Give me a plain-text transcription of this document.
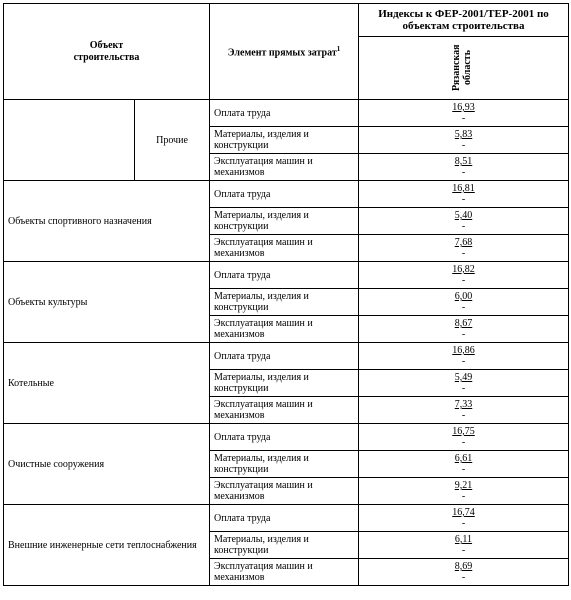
Объект строительства		Элемент прямых затрат$^1$	Индексы к ФЕР-2001/ТЕР-2001 по объектам строительства

			Рязанская область

	Прочие	Оплата труда	16,93
-

		Материалы, изделия и конструкции	5,83
-

		Эксплуатация машин и механизмов	8,51
-

Объекты спортивного назначения		Оплата труда	16,81
-

		Материалы, изделия и конструкции	5,40
-

		Эксплуатация машин и механизмов	7,68
-

Объекты культуры		Оплата труда	16,82
-

		Материалы, изделия и конструкции	6,00
-

		Эксплуатация машин и механизмов	8,67
-

Котельные		Оплата труда	16,86
-

		Материалы, изделия и конструкции	5,49
-

		Эксплуатация машин и механизмов	7,33
-

Очистные сооружения		Оплата труда	16,75
-

		Материалы, изделия и конструкции	6,61
-

		Эксплуатация машин и механизмов	9,21
-

Внешние инженерные сети теплоснабжения		Оплата труда	16,74
-

		Материалы, изделия и конструкции	6,11
-

		Эксплуатация машин и механизмов	8,69
-
